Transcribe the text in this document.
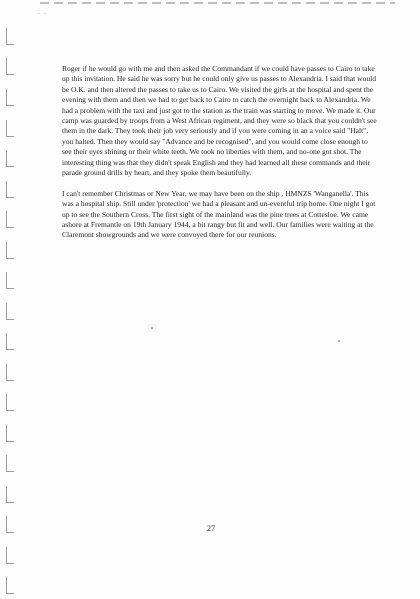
· ·

Roger if he would go with me and then asked the Commandant if we could have passes to Cairo to take up this invitation. He said he was sorry but he could only give us passes to Alexandria. I said that would be O.K. and then altered the passes to take us to Cairo. We visited the girls at the hospital and spent the evening with them and then we had to get back to Cairo to catch the overnight back to Alexandria. We had a problem with the taxi and just got to the station as the train was starting to move. We made it. Our camp was guarded by troops from a West African regiment, and they were so black that you couldn't see them in the dark. They took their job very seriously and if you were coming in an a voice said "Halt", you halted. Then they would say "Advance and be recognised", and you would come close enough to see their eyes shining or their white teeth. We took no liberties with them, and no-one got shot. The interesting thing was that they didn't speak English and they had learned all these commands and their parade ground drills by heart, and they spoke them beautifully.

I can't remember Christmas or New Year, we may have been on the ship , HMNZS 'Wanganella'. This was a hospital ship. Still under 'protection' we had a pleasant and un-eventful trip home. One night I got up to see the Southern Cross. The first sight of the mainland was the pine trees at Cottesloe. We came ashore at Fremantle on 19th January 1944, a bit rangy but fit and well. Our families were waiting at the Claremont showgrounds and we were convoyed there for our reunions.

27
